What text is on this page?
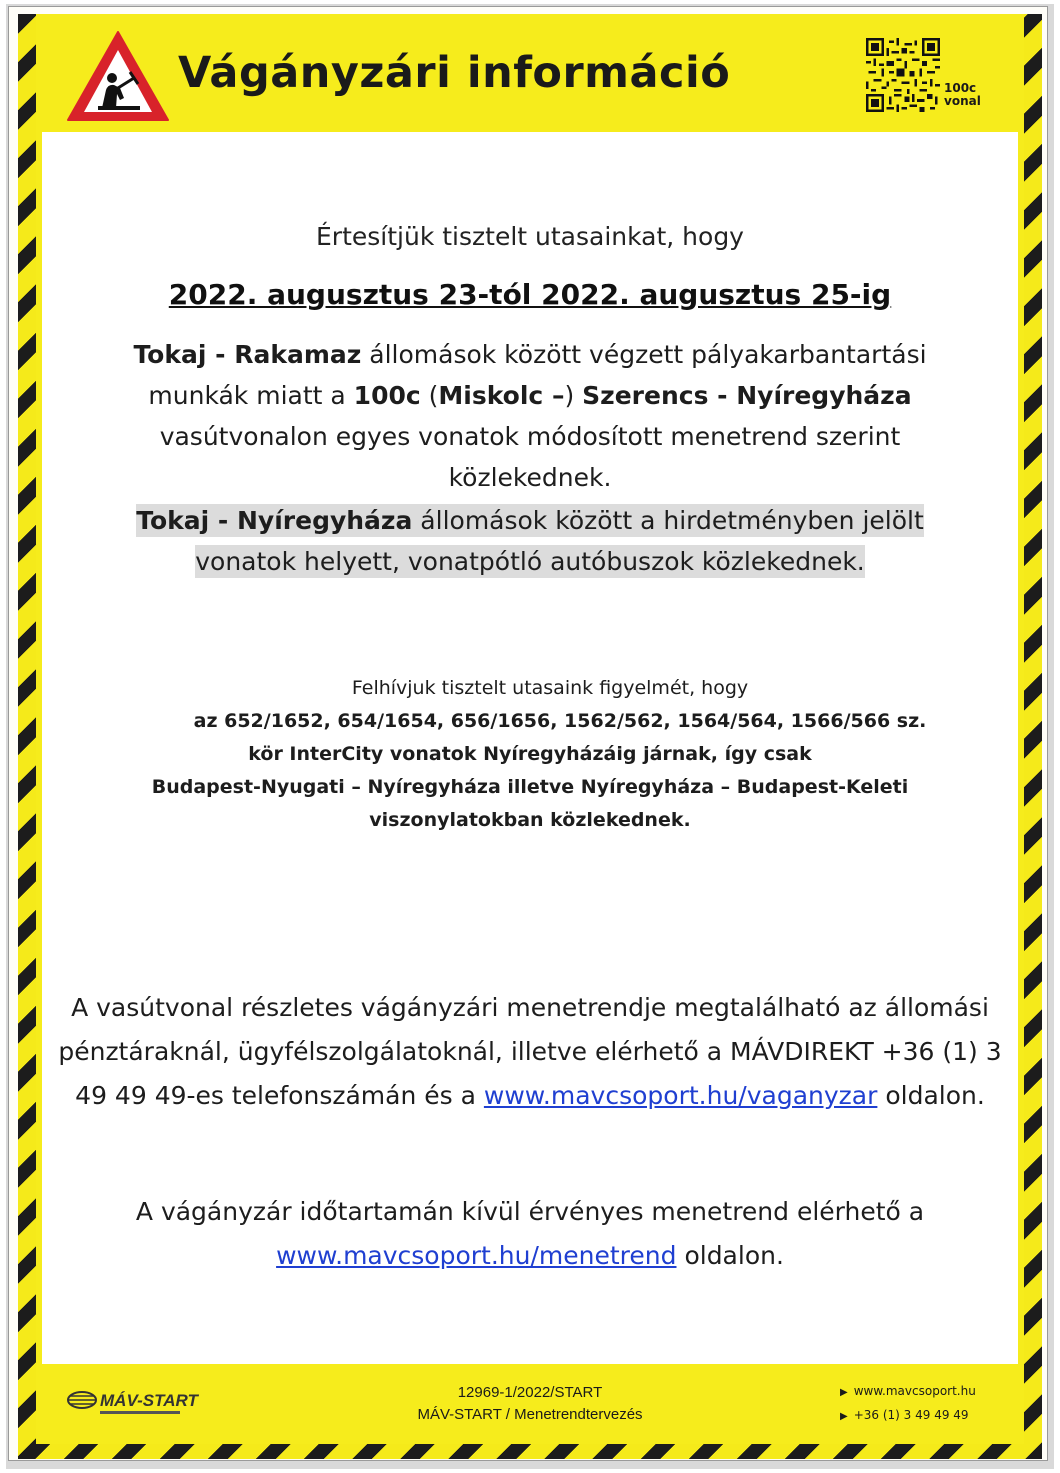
Vágányzári információ	100c
vonal
Értesítjük tisztelt utasainkat, hogy
2022. augusztus 23-tól 2022. augusztus 25-ig
Tokaj - Rakamaz állomások között végzett pályakarbantartási munkák miatt a 100c (Miskolc –) Szerencs - Nyíregyháza vasútvonalon egyes vonatok módosított menetrend szerint közlekednek.
Tokaj - Nyíregyháza állomások között a hirdetményben jelölt
vonatok helyett, vonatpótló autóbuszok közlekednek.
Felhívjuk tisztelt utasaink figyelmét, hogy
az 652/1652, 654/1654, 656/1656, 1562/562, 1564/564, 1566/566 sz.
kör InterCity vonatok Nyíregyházáig járnak, így csak
Budapest-Nyugati – Nyíregyháza illetve Nyíregyháza – Budapest-Keleti
viszonylatokban közlekednek.
A vasútvonal részletes vágányzári menetrendje megtalálható az állomási pénztáraknál, ügyfélszolgálatoknál, illetve elérhető a MÁVDIREKT +36 (1) 3 49 49 49-es telefonszámán és a www.mavcsoport.hu/vaganyzar oldalon.
A vágányzár időtartamán kívül érvényes menetrend elérhető a
www.mavcsoport.hu/menetrend oldalon.
MÁV-START	12969-1/2022/START
MÁV-START / Menetrendtervezés
▶ www.mavcsoport.hu
▶ +36 (1) 3 49 49 49
